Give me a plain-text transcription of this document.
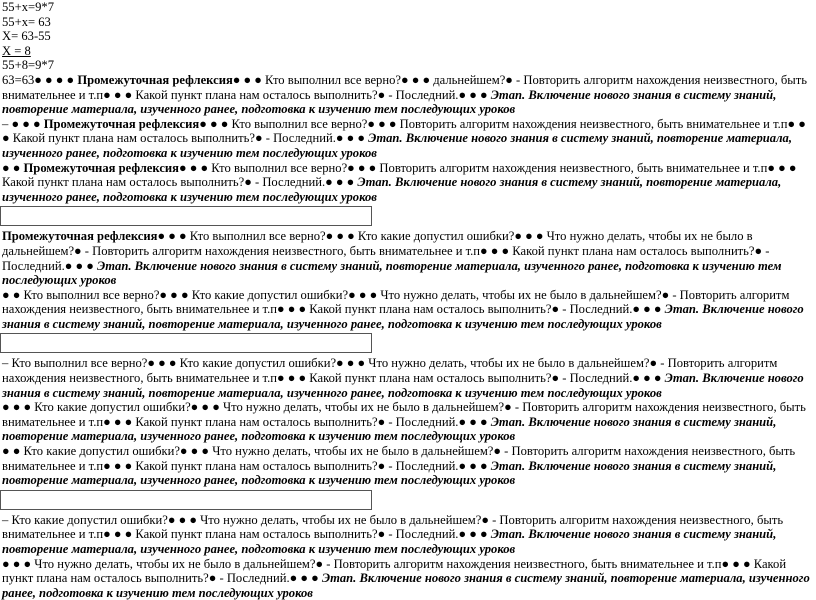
55+x=9*7
55+x= 63
X= 63-55
X = 8
55+8=9*7
63=63● ● ● ● Промежуточная рефлексия● ● ● Кто выполнил все верно?● ● ● дальнейшем?● - Повторить алгоритм нахождения неизвестного, быть внимательнее и т.п● ● ● Какой пункт плана нам осталось выполнить?● - Последний.● ● ● Этап. Включение нового знания в систему знаний, повторение материала, изученного ранее, подготовка к изучению тем последующих уроков
– ● ● ● Промежуточная рефлексия● ● ● Кто выполнил все верно?● ● ● Повторить алгоритм нахождения неизвестного, быть внимательнее и т.п● ● ● Какой пункт плана нам осталось выполнить?● - Последний.● ● ● Этап. Включение нового знания в систему знаний, повторение материала, изученного ранее, подготовка к изучению тем последующих уроков
● ● Промежуточная рефлексия● ● ● Кто выполнил все верно?● ● ● Повторить алгоритм нахождения неизвестного, быть внимательнее и т.п● ● ● Какой пункт плана нам осталось выполнить?● - Последний.● ● ● Этап. Включение нового знания в систему знаний, повторение материала, изученного ранее, подготовка к изучению тем последующих уроков
Промежуточная рефлексия● ● ● Кто выполнил все верно?● ● ● Кто какие допустил ошибки?● ● ● Что нужно делать, чтобы их не было в дальнейшем?● - Повторить алгоритм нахождения неизвестного, быть внимательнее и т.п● ● ● Какой пункт плана нам осталось выполнить?● - Последний.● ● ● Этап. Включение нового знания в систему знаний, повторение материала, изученного ранее, подготовка к изучению тем последующих уроков
● ● Кто выполнил все верно?● ● ● Кто какие допустил ошибки?● ● ● Что нужно делать, чтобы их не было в дальнейшем?● - Повторить алгоритм нахождения неизвестного, быть внимательнее и т.п● ● ● Какой пункт плана нам осталось выполнить?● - Последний.● ● ● Этап. Включение нового знания в систему знаний, повторение материала, изученного ранее, подготовка к изучению тем последующих уроков
– Кто выполнил все верно?● ● ● Кто какие допустил ошибки?● ● ● Что нужно делать, чтобы их не было в дальнейшем?● - Повторить алгоритм нахождения неизвестного, быть внимательнее и т.п● ● ● Какой пункт плана нам осталось выполнить?● - Последний.● ● ● Этап. Включение нового знания в систему знаний, повторение материала, изученного ранее, подготовка к изучению тем последующих уроков
● ● ● Кто какие допустил ошибки?● ● ● Что нужно делать, чтобы их не было в дальнейшем?● - Повторить алгоритм нахождения неизвестного, быть внимательнее и т.п● ● ● Какой пункт плана нам осталось выполнить?● - Последний.● ● ● Этап. Включение нового знания в систему знаний, повторение материала, изученного ранее, подготовка к изучению тем последующих уроков
● ● Кто какие допустил ошибки?● ● ● Что нужно делать, чтобы их не было в дальнейшем?● - Повторить алгоритм нахождения неизвестного, быть внимательнее и т.п● ● ● Какой пункт плана нам осталось выполнить?● - Последний.● ● ● Этап. Включение нового знания в систему знаний, повторение материала, изученного ранее, подготовка к изучению тем последующих уроков
– Кто какие допустил ошибки?● ● ● Что нужно делать, чтобы их не было в дальнейшем?● - Повторить алгоритм нахождения неизвестного, быть внимательнее и т.п● ● ● Какой пункт плана нам осталось выполнить?● - Последний.● ● ● Этап. Включение нового знания в систему знаний, повторение материала, изученного ранее, подготовка к изучению тем последующих уроков
● ● ● Что нужно делать, чтобы их не было в дальнейшем?● - Повторить алгоритм нахождения неизвестного, быть внимательнее и т.п● ● ● Какой пункт плана нам осталось выполнить?● - Последний.● ● ● Этап. Включение нового знания в систему знаний, повторение материала, изученного ранее, подготовка к изучению тем последующих уроков
